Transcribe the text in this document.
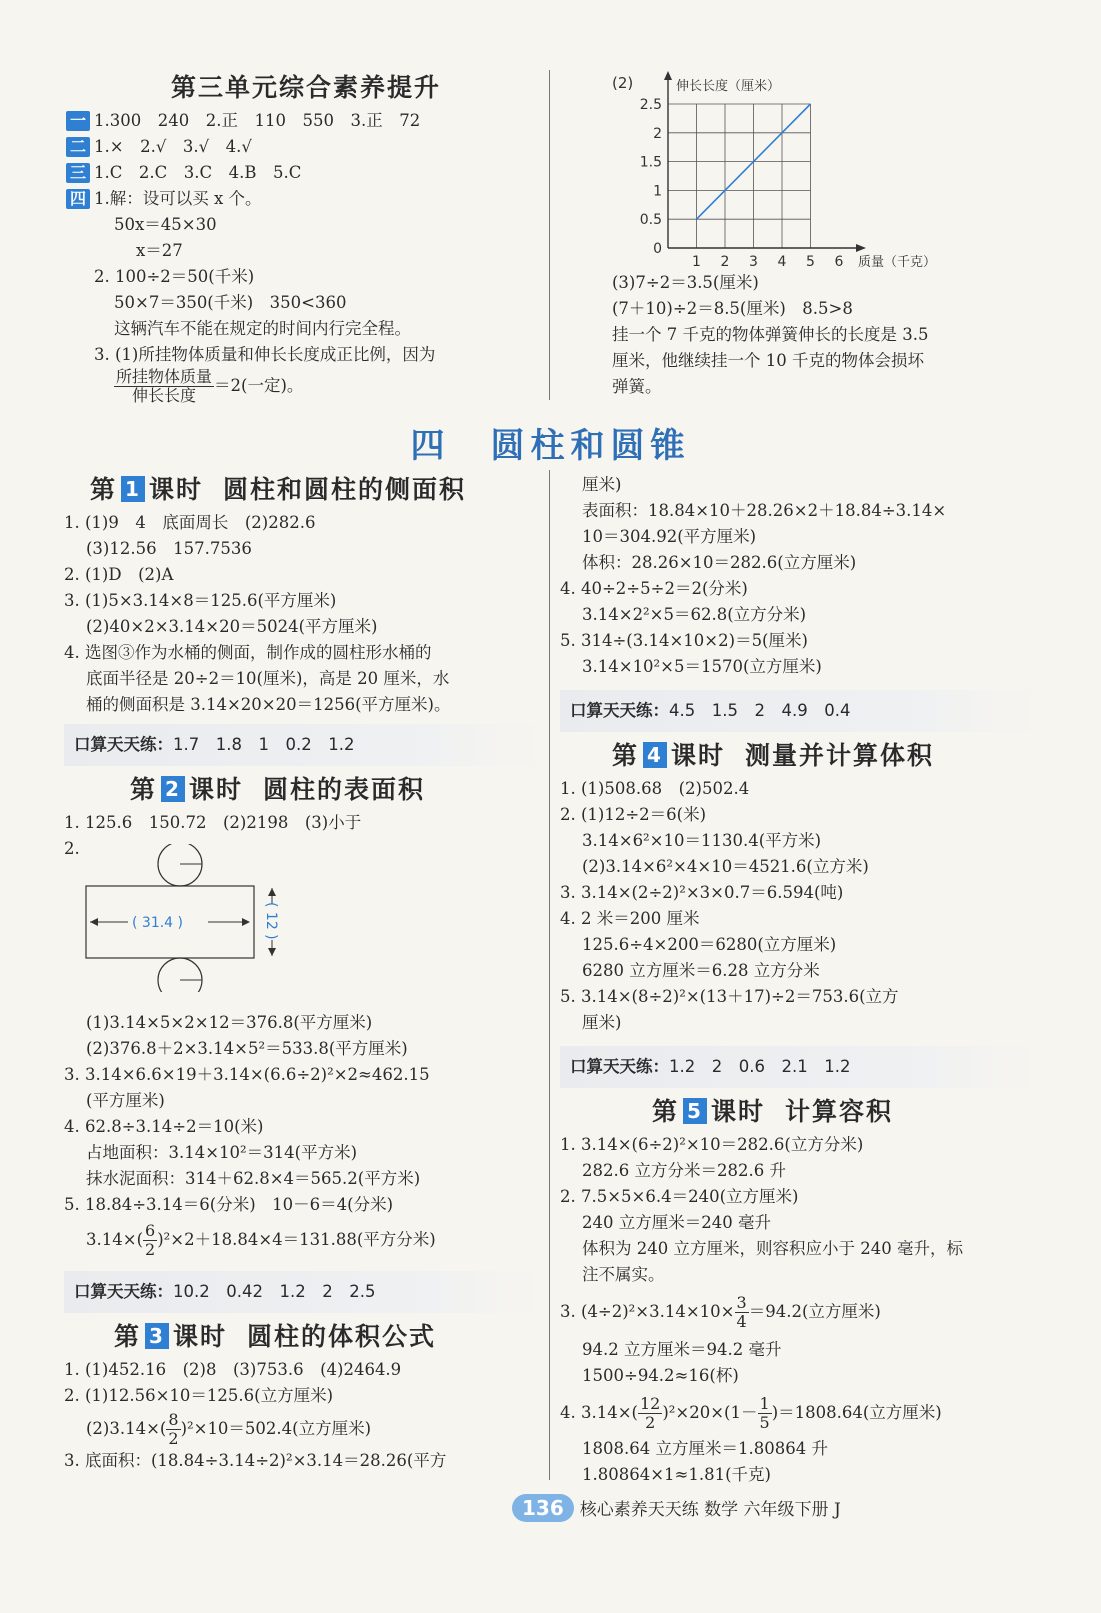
第三单元综合素养提升
一 1.300　240　2.正　110　550　3.正　72
二 1.×　2.√　3.√　4.√
三 1.C　2.C　3.C　4.B　5.C
四 1.解：设可以买 x 个。
50x＝45×30
x＝27
2. 100÷2＝50(千米)
50×7＝350(千米)　350<360
这辆汽车不能在规定的时间内行完全程。
3. (1)所挂物体质量和伸长长度成正比例，因为
$\frac{\text{所挂物体质量}}{\text{伸长长度}} =2$(一定)。
(2)	伸长长度（厘米）
质量（千克）
2.5
2
1.5
1
0.5
0
1 2 3 4 5 6
(3)7÷2＝3.5(厘米)
(7＋10)÷2＝8.5(厘米)　8.5>8
挂一个 7 千克的物体弹簧伸长的长度是 3.5
厘米，他继续挂一个 10 千克的物体会损坏
弹簧。
四 圆柱和圆锥
第 1 课时 圆柱和圆柱的侧面积
1. (1)9　4　底面周长　(2)282.6
(3)12.56　157.7536
2. (1)D　(2)A
3. (1)5×3.14×8＝125.6(平方厘米)
(2)40×2×3.14×20＝5024(平方厘米)
4. 选图③作为水桶的侧面，制作成的圆柱形水桶的
底面半径是 20÷2＝10(厘米)，高是 20 厘米，水
桶的侧面积是 3.14×20×20＝1256(平方厘米)。
口算天天练：1.7　1.8　1　0.2　1.2
第 2 课时 圆柱的表面积
1. 125.6　150.72　(2)2198　(3)小于
2.
( 31.4 )	( 12 )
(1)3.14×5×2×12＝376.8(平方厘米)
(2)376.8＋2×3.14×5²＝533.8(平方厘米)
3. 3.14×6.6×19＋3.14×(6.6÷2)²×2≈462.15
(平方厘米)
4. 62.8÷3.14÷2＝10(米)
占地面积：3.14×10²＝314(平方米)
抹水泥面积：314＋62.8×4＝565.2(平方米)
5. 18.84÷3.14＝6(分米)　10－6＝4(分米)
$3.14\times( \frac{6}{2} )^2\times 2+18.84\times 4=131.88$(平方分米)
口算天天练：10.2　0.42　1.2　2　2.5
第 3 课时 圆柱的体积公式
1. (1)452.16　(2)8　(3)753.6　(4)2464.9
2. (1)12.56×10＝125.6(立方厘米)
$(2)3.14\times( \frac{8}{2} )^2\times 10=502.4$(立方厘米)
3. 底面积：(18.84÷3.14÷2)²×3.14＝28.26(平方
厘米)
表面积：18.84×10＋28.26×2＋18.84÷3.14×
10＝304.92(平方厘米)
体积：28.26×10＝282.6(立方厘米)
4. 40÷2÷5÷2＝2(分米)
3.14×2²×5＝62.8(立方分米)
5. 314÷(3.14×10×2)＝5(厘米)
3.14×10²×5＝1570(立方厘米)
口算天天练：4.5　1.5　2　4.9　0.4
第 4 课时 测量并计算体积
1. (1)508.68　(2)502.4
2. (1)12÷2＝6(米)
3.14×6²×10＝1130.4(平方米)
(2)3.14×6²×4×10＝4521.6(立方米)
3. 3.14×(2÷2)²×3×0.7＝6.594(吨)
4. 2 米＝200 厘米
125.6÷4×200＝6280(立方厘米)
6280 立方厘米＝6.28 立方分米
5. 3.14×(8÷2)²×(13＋17)÷2＝753.6(立方
厘米)
口算天天练：1.2　2　0.6　2.1　1.2
第 5 课时 计算容积
1. 3.14×(6÷2)²×10＝282.6(立方分米)
282.6 立方分米＝282.6 升
2. 7.5×5×6.4＝240(立方厘米)
240 立方厘米＝240 毫升
体积为 240 立方厘米，则容积应小于 240 毫升，标
注不属实。
3. $(4\div 2)^2\times 3.14\times 10\times \frac{3}{4} =94.2$(立方厘米)
94.2 立方厘米＝94.2 毫升
1500÷94.2≈16(杯)
4. $3.14\times( \frac{12}{2} )^2\times 20\times(1- \frac{1}{5} )=1808.64$(立方厘米)
1808.64 立方厘米＝1.80864 升
1.80864×1≈1.81(千克)
136 核心素养天天练 数学 六年级下册 J
